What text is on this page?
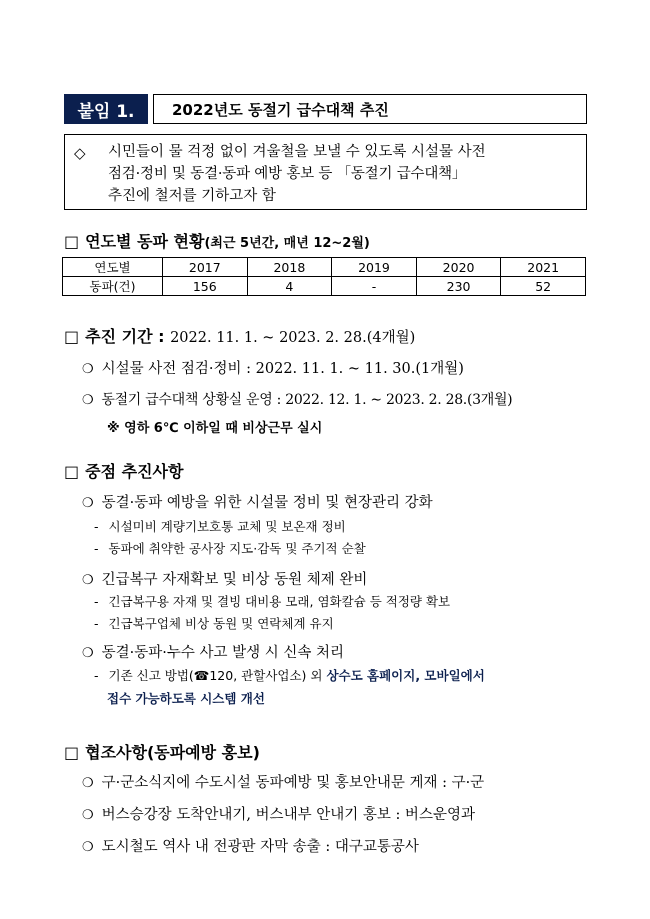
붙임 1.	2022년도 동절기 급수대책 추진
◇ 시민들이 물 걱정 없이 겨울철을 보낼 수 있도록 시설물 사전
점검·정비 및 동결·동파 예방 홍보 등 「동절기 급수대책」
추진에 철저를 기하고자 함
□ 연도별 동파 현황(최근 5년간, 매년 12~2월)
연도별	2017	2018	2019	2020	2021
동파(건)	156	4	-	230	52
□ 추진 기간 : 2022. 11. 1. ~ 2023. 2. 28.(4개월)
❍ 시설물 사전 점검·정비 : 2022. 11. 1. ~ 11. 30.(1개월)
❍ 동절기 급수대책 상황실 운영 : 2022. 12. 1. ∼ 2023. 2. 28.(3개월)
※ 영하 6℃ 이하일 때 비상근무 실시
□ 중점 추진사항
❍ 동결·동파 예방을 위한 시설물 정비 및 현장관리 강화
- 시설미비 계량기보호통 교체 및 보온재 정비
- 동파에 취약한 공사장 지도·감독 및 주기적 순찰
❍ 긴급복구 자재확보 및 비상 동원 체제 완비
- 긴급복구용 자재 및 결빙 대비용 모래, 염화칼슘 등 적정량 확보
- 긴급복구업체 비상 동원 및 연락체계 유지
❍ 동결·동파·누수 사고 발생 시 신속 처리
- 기존 신고 방법(☎120, 관할사업소) 외 상수도 홈페이지, 모바일에서
접수 가능하도록 시스템 개선
□ 협조사항(동파예방 홍보)
❍ 구·군소식지에 수도시설 동파예방 및 홍보안내문 게재 : 구·군
❍ 버스승강장 도착안내기, 버스내부 안내기 홍보 : 버스운영과
❍ 도시철도 역사 내 전광판 자막 송출 : 대구교통공사
